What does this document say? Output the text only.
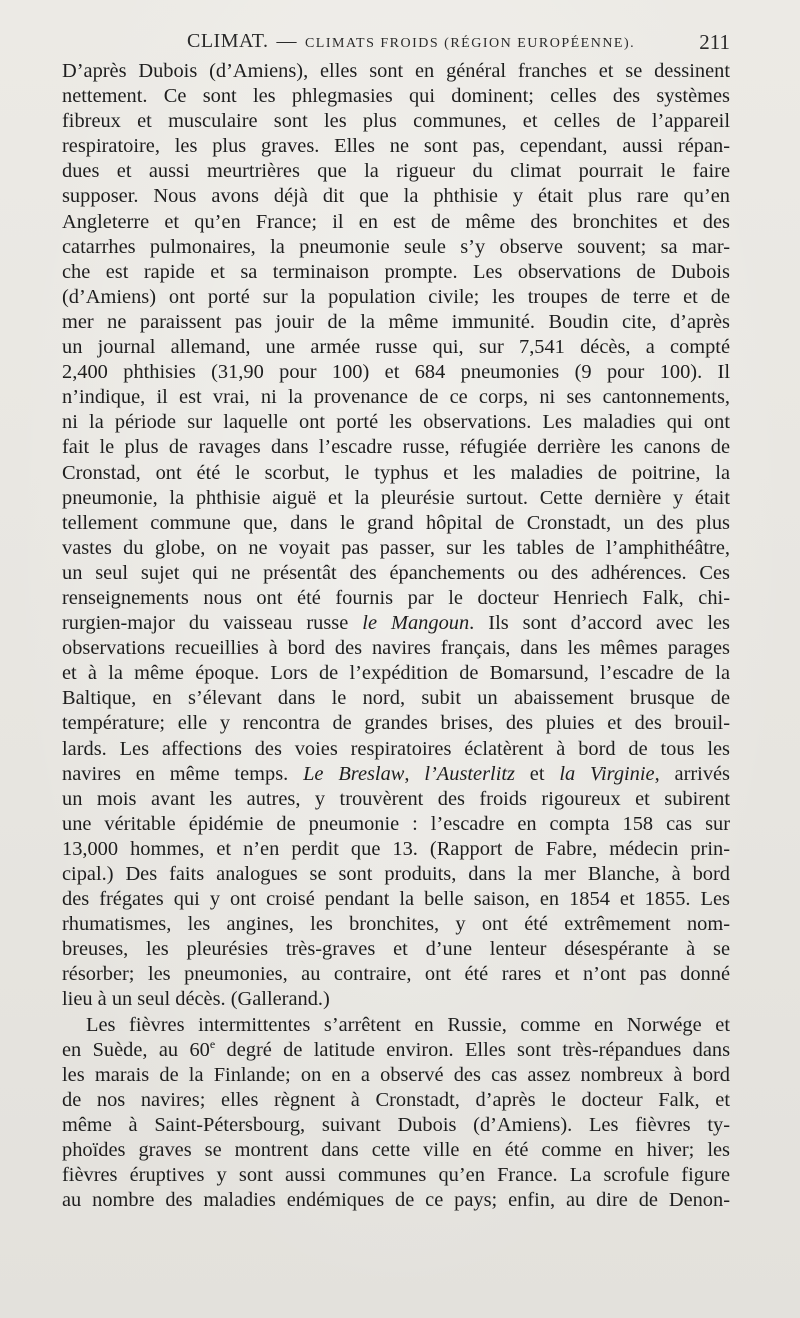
CLIMAT. — CLIMATS FROIDS (RÉGION EUROPÉENNE).	211
D’après Dubois (d’Amiens), elles sont en général franches et se dessinent
nettement. Ce sont les phlegmasies qui dominent; celles des systèmes
fibreux et musculaire sont les plus communes, et celles de l’appareil
respiratoire, les plus graves. Elles ne sont pas, cependant, aussi répan-
dues et aussi meurtrières que la rigueur du climat pourrait le faire
supposer. Nous avons déjà dit que la phthisie y était plus rare qu’en
Angleterre et qu’en France; il en est de même des bronchites et des
catarrhes pulmonaires, la pneumonie seule s’y observe souvent; sa mar-
che est rapide et sa terminaison prompte. Les observations de Dubois
(d’Amiens) ont porté sur la population civile; les troupes de terre et de
mer ne paraissent pas jouir de la même immunité. Boudin cite, d’après
un journal allemand, une armée russe qui, sur 7,541 décès, a compté
2,400 phthisies (31,90 pour 100) et 684 pneumonies (9 pour 100). Il
n’indique, il est vrai, ni la provenance de ce corps, ni ses cantonnements,
ni la période sur laquelle ont porté les observations. Les maladies qui ont
fait le plus de ravages dans l’escadre russe, réfugiée derrière les canons de
Cronstad, ont été le scorbut, le typhus et les maladies de poitrine, la
pneumonie, la phthisie aiguë et la pleurésie surtout. Cette dernière y était
tellement commune que, dans le grand hôpital de Cronstadt, un des plus
vastes du globe, on ne voyait pas passer, sur les tables de l’amphithéâtre,
un seul sujet qui ne présentât des épanchements ou des adhérences. Ces
renseignements nous ont été fournis par le docteur Henriech Falk, chi-
rurgien-major du vaisseau russe le Mangoun. Ils sont d’accord avec les
observations recueillies à bord des navires français, dans les mêmes parages
et à la même époque. Lors de l’expédition de Bomarsund, l’escadre de la
Baltique, en s’élevant dans le nord, subit un abaissement brusque de
température; elle y rencontra de grandes brises, des pluies et des brouil-
lards. Les affections des voies respiratoires éclatèrent à bord de tous les
navires en même temps. Le Breslaw, l’Austerlitz et la Virginie, arrivés
un mois avant les autres, y trouvèrent des froids rigoureux et subirent
une véritable épidémie de pneumonie : l’escadre en compta 158 cas sur
13,000 hommes, et n’en perdit que 13. (Rapport de Fabre, médecin prin-
cipal.) Des faits analogues se sont produits, dans la mer Blanche, à bord
des frégates qui y ont croisé pendant la belle saison, en 1854 et 1855. Les
rhumatismes, les angines, les bronchites, y ont été extrêmement nom-
breuses, les pleurésies très-graves et d’une lenteur désespérante à se
résorber; les pneumonies, au contraire, ont été rares et n’ont pas donné
lieu à un seul décès. (Gallerand.)
Les fièvres intermittentes s’arrêtent en Russie, comme en Norwége et
en Suède, au 60e degré de latitude environ. Elles sont très-répandues dans
les marais de la Finlande; on en a observé des cas assez nombreux à bord
de nos navires; elles règnent à Cronstadt, d’après le docteur Falk, et
même à Saint-Pétersbourg, suivant Dubois (d’Amiens). Les fièvres ty-
phoïdes graves se montrent dans cette ville en été comme en hiver; les
fièvres éruptives y sont aussi communes qu’en France. La scrofule figure
au nombre des maladies endémiques de ce pays; enfin, au dire de Denon-
